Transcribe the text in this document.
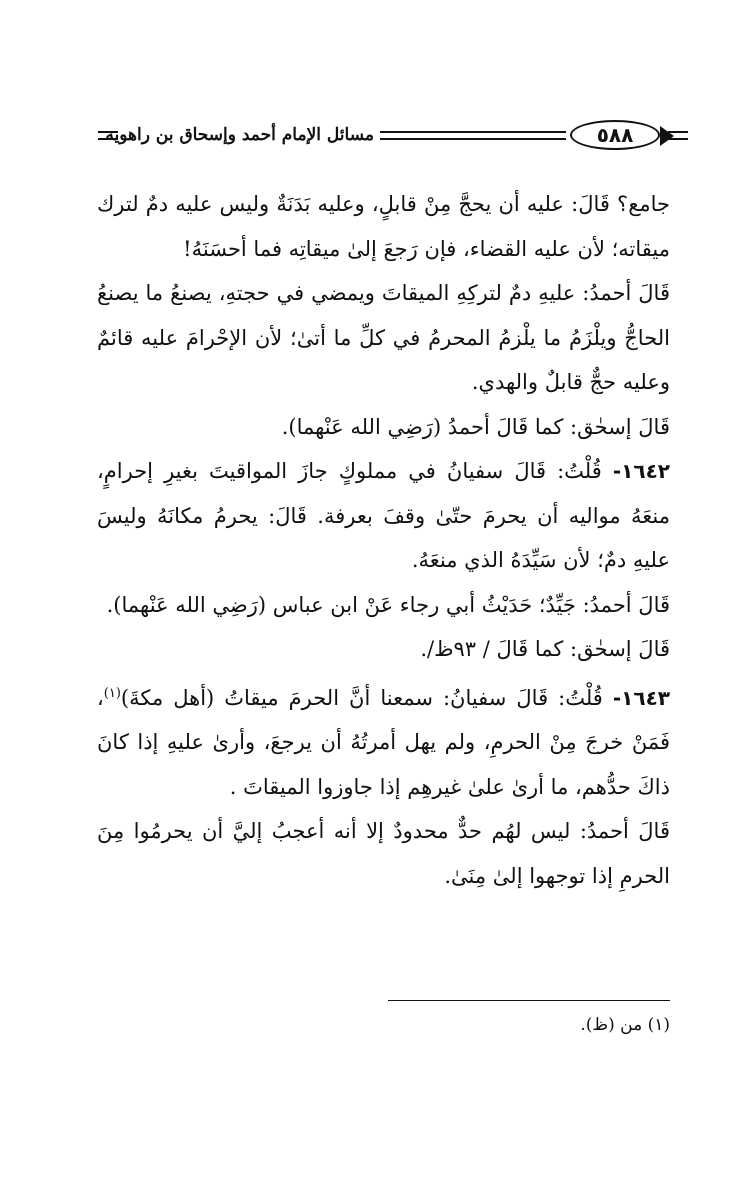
مسائل الإمام أحمد وإسحاق بن راهويه	٥٨٨

جامع؟ قَالَ: عليه أن يحجَّ مِنْ قابلٍ، وعليه بَدَنَةٌ وليس عليه دمٌ لترك ميقاته؛ لأن عليه القضاء، فإن رَجعَ إلىٰ ميقاتِه فما أحسَنَهُ!

قَالَ أحمدُ: عليهِ دمٌ لتركِهِ الميقاتَ ويمضي في حجتهِ، يصنعُ ما يصنعُ الحاجُّ ويلْزَمُ ما يلْزمُ المحرمُ في كلِّ ما أتىٰ؛ لأن الإحْرامَ عليه قائمٌ وعليه حجٌّ قابلٌ والهدي.

قَالَ إسحٰق: كما قَالَ أحمدُ (رَضِي الله عَنْهما).

١٦٤٢- قُلْتُ: قَالَ سفيانُ في مملوكٍ جازَ المواقيتَ بغيرِ إحرامٍ، منعَهُ مواليه أن يحرمَ حتّىٰ وقفَ بعرفة. قَالَ: يحرمُ مكانَهُ وليسَ عليهِ دمٌ؛ لأن سَيِّدَهُ الذي منعَهُ.

قَالَ أحمدُ: جَيِّدٌ؛ حَدَيْثُ أبي رجاء عَنْ ابن عباس (رَضِي الله عَنْهما).

قَالَ إسحٰق: كما قَالَ / ٩٣ظ/.

١٦٤٣- قُلْتُ: قَالَ سفيانُ: سمعنا أنَّ الحرمَ ميقاتُ (أهل مكةَ)$^{(١)}$، فَمَنْ خرجَ مِنْ الحرمِ، ولم يهل أمرتُهُ أن يرجعَ، وأرىٰ عليهِ إذا كانَ ذاكَ حدُّهم، ما أرىٰ علىٰ غيرهِم إذا جاوزوا الميقاتَ .

قَالَ أحمدُ: ليس لهُم حدٌّ محدودٌ إلا أنه أعجبُ إليَّ أن يحرمُوا مِنَ الحرمِ إذا توجهوا إلىٰ مِنَىٰ.

(١) من (ظ).
